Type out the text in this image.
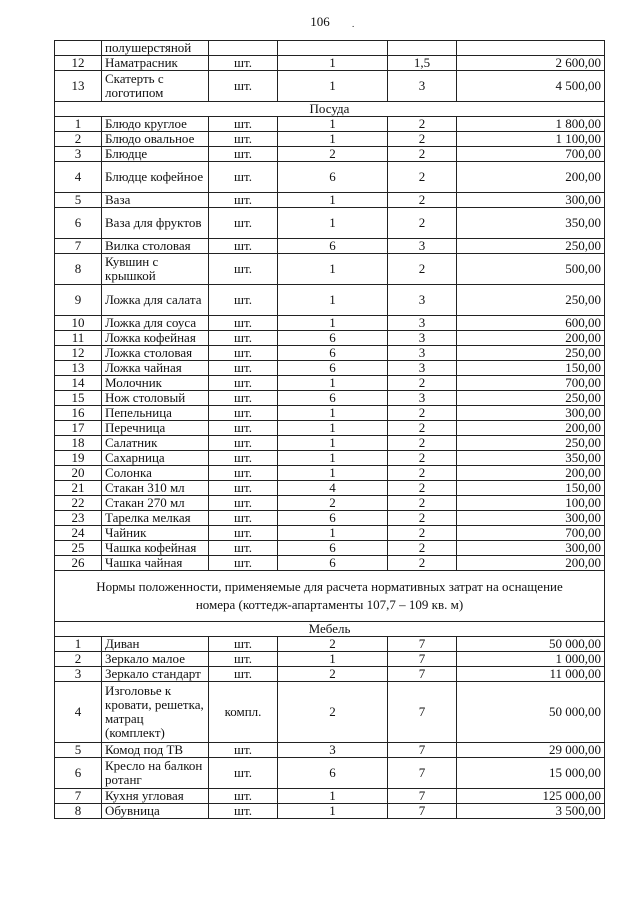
106 .
	полушерстяной				
12	Наматрасник	шт.	1	1,5	2 600,00
13	Скатерть с логотипом	шт.	1	3	4 500,00
Посуда					
1	Блюдо круглое	шт.	1	2	1 800,00
2	Блюдо овальное	шт.	1	2	1 100,00
3	Блюдце	шт.	2	2	700,00
4	Блюдце кофейное	шт.	6	2	200,00
5	Ваза	шт.	1	2	300,00
6	Ваза для фруктов	шт.	1	2	350,00
7	Вилка столовая	шт.	6	3	250,00
8	Кувшин с крышкой	шт.	1	2	500,00
9	Ложка для салата	шт.	1	3	250,00
10	Ложка для соуса	шт.	1	3	600,00
11	Ложка кофейная	шт.	6	3	200,00
12	Ложка столовая	шт.	6	3	250,00
13	Ложка чайная	шт.	6	3	150,00
14	Молочник	шт.	1	2	700,00
15	Нож столовый	шт.	6	3	250,00
16	Пепельница	шт.	1	2	300,00
17	Перечница	шт.	1	2	200,00
18	Салатник	шт.	1	2	250,00
19	Сахарница	шт.	1	2	350,00
20	Солонка	шт.	1	2	200,00
21	Стакан 310 мл	шт.	4	2	150,00
22	Стакан 270 мл	шт.	2	2	100,00
23	Тарелка мелкая	шт.	6	2	300,00
24	Чайник	шт.	1	2	700,00
25	Чашка кофейная	шт.	6	2	300,00
26	Чашка чайная	шт.	6	2	200,00
Нормы положенности, применяемые для расчета нормативных затрат на оснащение номера (коттедж-апартаменты 107,7 – 109 кв. м)					
Мебель					
1	Диван	шт.	2	7	50 000,00
2	Зеркало малое	шт.	1	7	1 000,00
3	Зеркало стандарт	шт.	2	7	11 000,00
4	Изголовье к кровати, решетка, матрац (комплект)	компл.	2	7	50 000,00
5	Комод под ТВ	шт.	3	7	29 000,00
6	Кресло на балкон ротанг	шт.	6	7	15 000,00
7	Кухня угловая	шт.	1	7	125 000,00
8	Обувница	шт.	1	7	3 500,00
